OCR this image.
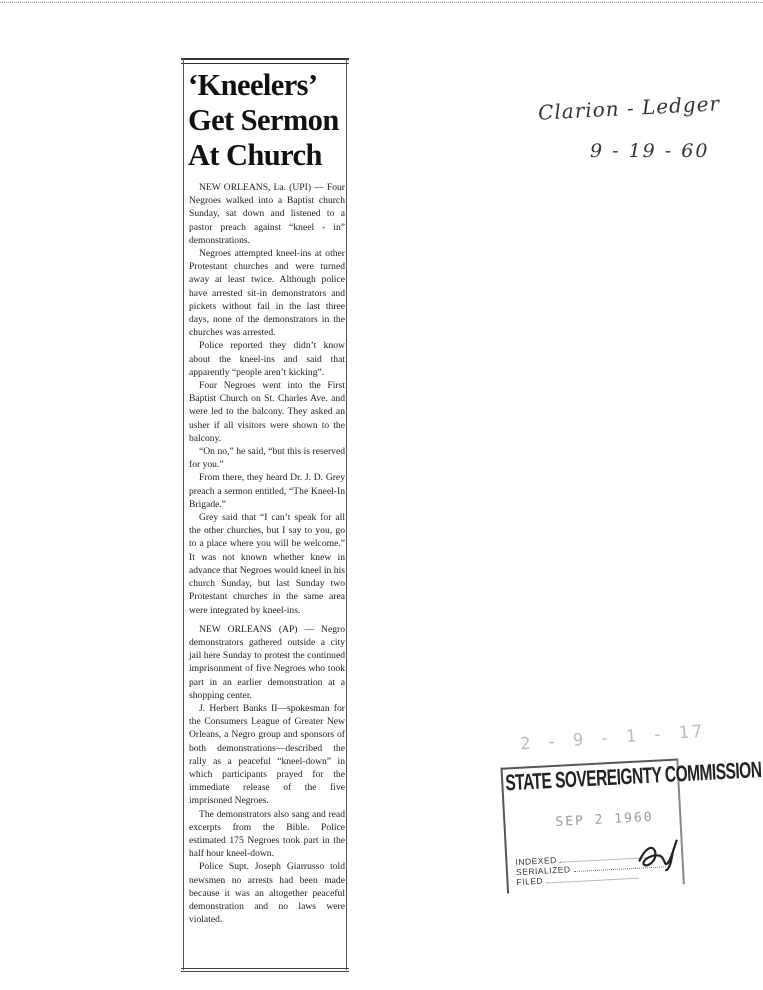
‘Kneelers’
Get Sermon
At Church

NEW ORLEANS, La. (UPI) — Four Negroes walked into a Baptist church Sunday, sat down and listened to a pastor preach against “kneel - in” demonstrations.

Negroes attempted kneel-ins at other Protestant churches and were turned away at least twice. Although police have arrested sit-in demonstrators and pickets without fail in the last three days, none of the demonstrators in the churches was arrested.

Police reported they didn’t know about the kneel-ins and said that apparently “people aren’t kicking”.

Four Negroes went into the First Baptist Church on St. Charles Ave. and were led to the balcony. They asked an usher if all visitors were shown to the balcony.

“On no,” he said, “but this is reserved for you.”

From there, they heard Dr. J. D. Grey preach a sermon entitled, “The Kneel-In Brigade.”

Grey said that “I can’t speak for all the other churches, but I say to you, go to a place where you will be welcome.” It was not known whether knew in advance that Negroes would kneel in his church Sunday, but last Sunday two Protestant churches in the same area were integrated by kneel-ins.

NEW ORLEANS (AP) — Negro demonstrators gathered outside a city jail here Sunday to protest the continued imprisonment of five Negroes who took part in an earlier demonstration at a shopping center.

J. Herbert Banks II—spokesman for the Consumers League of Greater New Orleans, a Negro group and sponsors of both demonstrations—described the rally as a peaceful “kneel-down” in which participants prayed for the immediate release of the five imprisoned Negroes.

The demonstrators also sang and read excerpts from the Bible. Police estimated 175 Negroes took part in the half hour kneel-down.

Police Supt. Joseph Giarrusso told newsmen no arrests had been made because it was an altogether peaceful demonstration and no laws were violated.

Clarion - Ledger
9 - 19 - 60
2 - 9 - 1 - 17
STATE SOVEREIGNTY COMMISSION
SEP 2 1960
INDEXED
SERIALIZED
FILED
